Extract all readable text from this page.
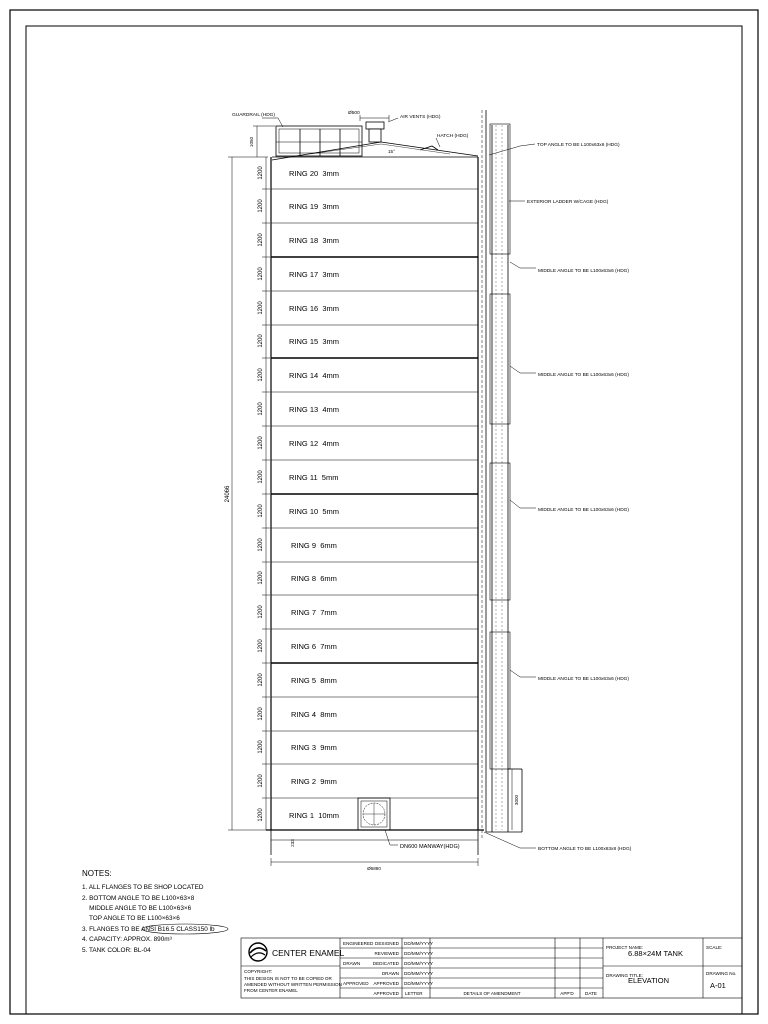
RING 20 3mm
RING 19 3mm
RING 18 3mm
RING 17 3mm
RING 16 3mm
RING 15 3mm
RING 14 4mm
RING 13 4mm
RING 12 4mm
RING 11 5mm
RING 10 5mm
RING 9 6mm
RING 8 6mm
RING 7 7mm
RING 6 7mm
RING 5 8mm
RING 4 8mm
RING 3 9mm
RING 2 9mm
RING 1 10mm
1200
1200
1200
1200
1200
1200
1200
1200
1200
1200
1200
1200
1200
1200
1200
1200
1200
1200
1200
1200
24066
1050
233
Ø6880
3000
15°
GUARDRAIL (HDG)	Ø500
AIR VENTS (HDG)
HATCH (HDG)
TOP ANGLE TO BE L100x63x6 (HDG)
EXTERIOR LADDER W/CAGE (HDG)
MIDDLE ANGLE TO BE L100x63x6 (HDG)
MIDDLE ANGLE TO BE L100x63x6 (HDG)
MIDDLE ANGLE TO BE L100x63x6 (HDG)
MIDDLE ANGLE TO BE L100x63x6 (HDG)
BOTTOM ANGLE TO BE L100x63x8 (HDG)
DN600 MANWAY(HDG)
NOTES:
1. ALL FLANGES TO BE SHOP LOCATED
2. BOTTOM ANGLE TO BE L100×63×8
MIDDLE ANGLE TO BE L100×63×6
TOP ANGLE TO BE L100×63×6
3. FLANGES TO BE ANSI B16.5 CLASS150 lb
4. CAPACITY: APPROX. 890m³
5. TANK COLOR: BL-04	CENTER ENAMEL
COPYRIGHT:
THIS DESIGN IS NOT TO BE COPIED OR
AMENDED WITHOUT WRITTEN PERMISSION
FROM CENTER ENAMEL
ENGINEERED DESIGNED DD/MM/YYYY
REVIEWED DD/MM/YYYY
DRAWN	DEDICATED DD/MM/YYYY
DRAWN DD/MM/YYYY
APPROVED APPROVED DD/MM/YYYY
APPROVED LETTER	DETAILS OF AMENDMENT	APP'D DATE
PROJECT NAME:
6.88×24M TANK
SCALE:
DRAWING TITLE:
ELEVATION
DRAWING No.
A-01
